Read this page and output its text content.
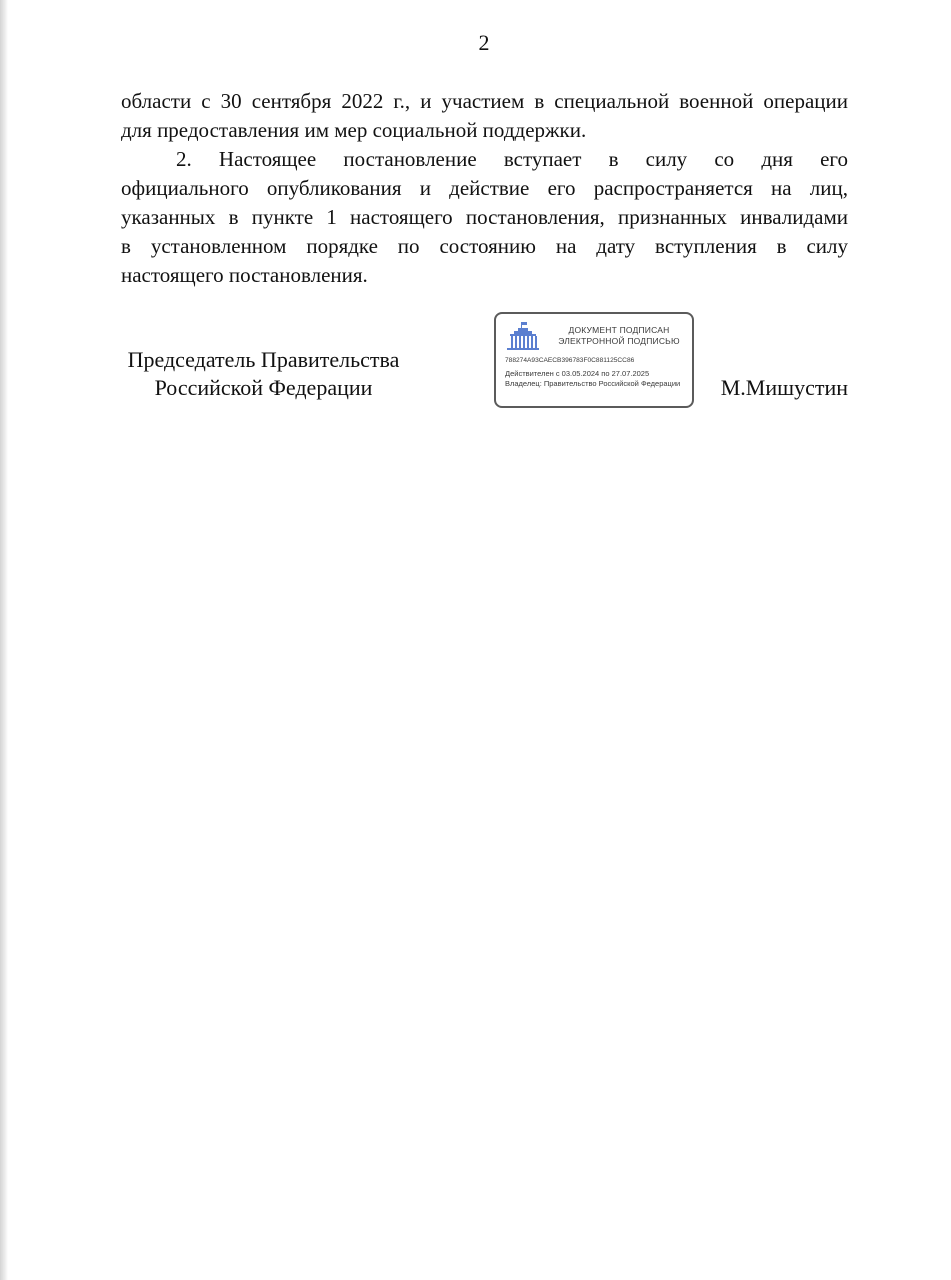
2
области с 30 сентября 2022 г., и участием в специальной военной операции
для предоставления им мер социальной поддержки.
2. Настоящее постановление вступает в силу со дня его
официального опубликования и действие его распространяется на лиц,
указанных в пункте 1 настоящего постановления, признанных инвалидами
в установленном порядке по состоянию на дату вступления в силу
настоящего постановления.
Председатель Правительства
Российской Федерации
ДОКУМЕНТ ПОДПИСАН
ЭЛЕКТРОННОЙ ПОДПИСЬЮ
788274A93CAECB396783F0C881125CC86
Действителен с 03.05.2024 по 27.07.2025
Владелец: Правительство Российской Федерации М.Мишустин
